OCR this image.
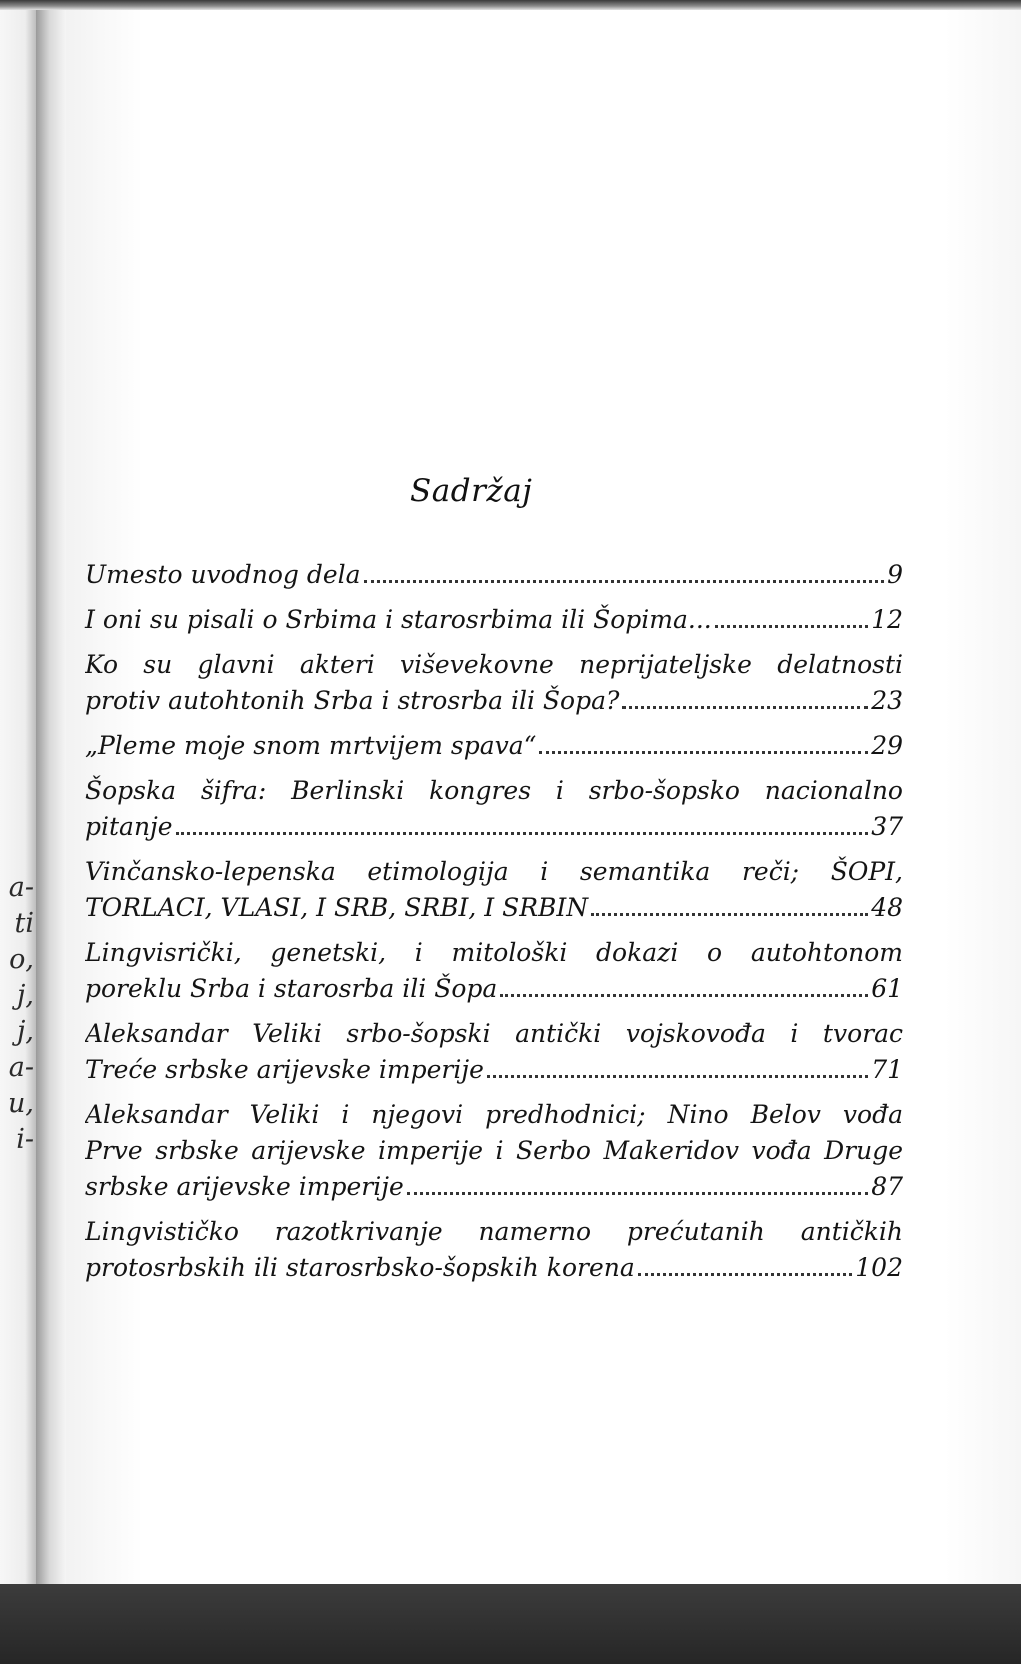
a-
ti
o,
j,
j,
a-
u,
i-
Sadržaj
Umesto uvodnog dela	9
I oni su pisali o Srbima i starosrbima ili Šopima...	12
Ko su glavni akteri viševekovne neprijateljske delatnosti
protiv autohtonih Srba i strosrba ili Šopa?	23
„Pleme moje snom mrtvijem spava“	29
Šopska šifra: Berlinski kongres i srbo-šopsko nacionalno
pitanje	37
Vinčansko-lepenska etimologija i semantika reči; ŠOPI,
TORLACI, VLASI, I SRB, SRBI, I SRBIN	48
Lingvisrički, genetski, i mitološki dokazi o autohtonom
poreklu Srba i starosrba ili Šopa	61
Aleksandar Veliki srbo-šopski antički vojskovođa i tvorac
Treće srbske arijevske imperije	71
Aleksandar Veliki i njegovi predhodnici; Nino Belov vođa
Prve srbske arijevske imperije i Serbo Makeridov vođa Druge
srbske arijevske imperije	87
Lingvističko razotkrivanje namerno prećutanih antičkih
protosrbskih ili starosrbsko-šopskih korena	102
